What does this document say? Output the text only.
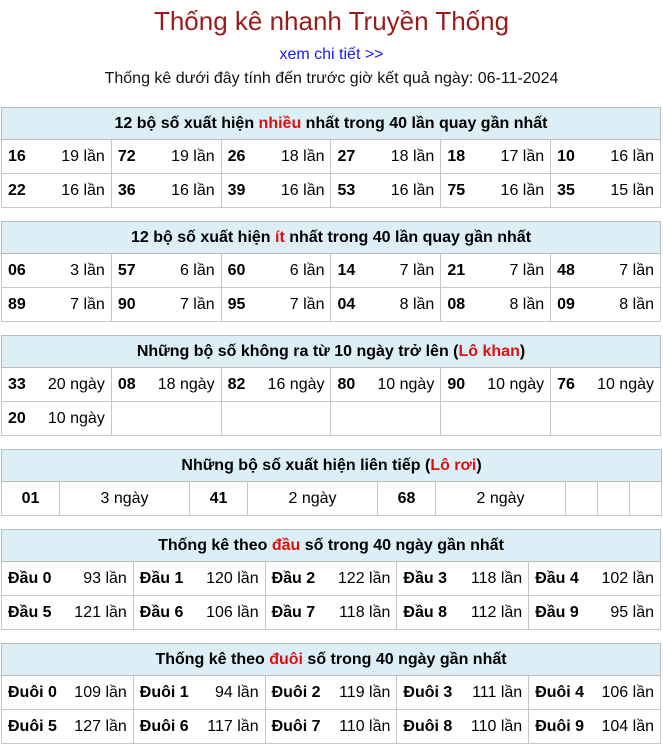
Thống kê nhanh Truyền Thống
xem chi tiết >>
Thống kê dưới đây tính đến trước giờ kết quả ngày: 06-11-2024
12 bộ số xuất hiện nhiều nhất trong 40 lần quay gần nhất					
16 19 lần	72 19 lần	26 18 lần	27 18 lần	18 17 lần	10 16 lần

22 16 lần	36 16 lần	39 16 lần	53 16 lần	75 16 lần	35 15 lần
12 bộ số xuất hiện ít nhất trong 40 lần quay gần nhất					
06 3 lần	57 6 lần	60 6 lần	14 7 lần	21 7 lần	48 7 lần

89 7 lần	90 7 lần	95 7 lần	04 8 lần	08 8 lần	09 8 lần
Những bộ số không ra từ 10 ngày trở lên (Lô khan)					
33 20 ngày	08 18 ngày	82 16 ngày	80 10 ngày	90 10 ngày	76 10 ngày

20 10 ngày					

Những bộ số xuất hiện liên tiếp (Lô rơi)
01	3 ngày	41	2 ngày	68	2 ngày			
Thống kê theo đầu số trong 40 ngày gần nhất				
Đầu 0 93 lần	Đầu 1 120 lần	Đầu 2 122 lần	Đầu 3 118 lần	Đầu 4 102 lần

Đầu 5 121 lần	Đầu 6 106 lần	Đầu 7 118 lần	Đầu 8 112 lần	Đầu 9 95 lần
Thống kê theo đuôi số trong 40 ngày gần nhất				
Đuôi 0 109 lần	Đuôi 1 94 lần	Đuôi 2 119 lần	Đuôi 3 111 lần	Đuôi 4 106 lần

Đuôi 5 127 lần	Đuôi 6 117 lần	Đuôi 7 110 lần	Đuôi 8 110 lần	Đuôi 9 104 lần
